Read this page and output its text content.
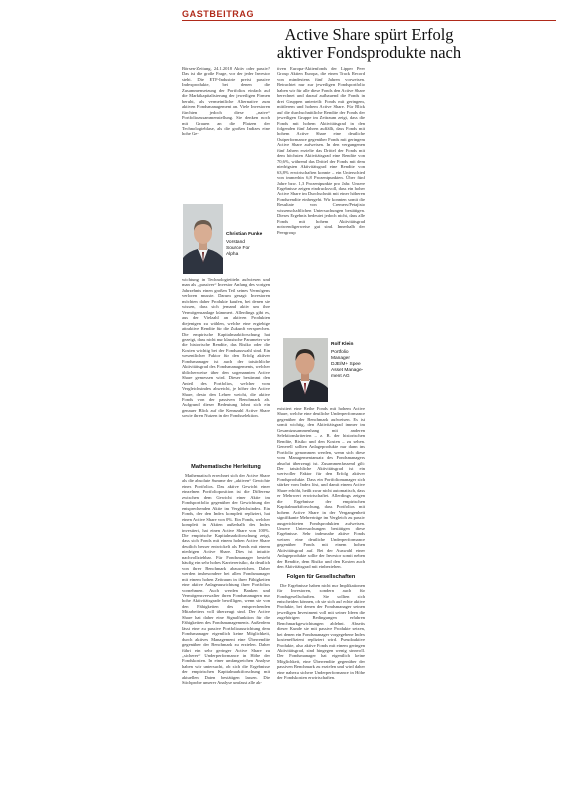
GASTBEITRAG
Active Share spürt Erfolg
aktiver Fondsprodukte nach

Börsen-Zeitung, 24.1.2018 Aktiv oder passiv? Das ist die große Frage, vor der jeder Investor steht. Die ETF-Industrie preist passive Indexprodukte, bei denen die Zusammensetzung der Portfolios einfach auf die Marktkapitalisierung der jeweiligen Firmen beruht, als vermeintliche Alternative zum aktiven Fondsmanagement an. Viele Investoren fürchten jedoch diese „naive“ Portfoliozusammenstellung. Sie denken noch mit Grauen an die Platzen der Technologieblase, als die großen Indizes eine hohe Ge-

wichtung in Technologietiteln aufwiesen und man als „passiver“ Investor Anfang des vorigen Jahrzehnts einen großen Teil seines Vermögens verloren musste. Darum gesagt: Investoren möchten daher Produkte kaufen, bei denen sie wissen, dass sich jemand aktiv um ihre Vermögensanlage kümmert. Allerdings gibt es, aus der Vielzahl an aktiven Produkten diejenigen zu wählen, welche eine ergiebige attraktive Rendite für die Zukunft versprechen. Die empirische Kapitalmarktforschung hat gezeigt, dass nicht nur klassische Parameter wie die historische Rendite, das Risiko oder die Kosten wichtig bei der Fondsauswahl sind. Ein wesentlicher Faktor für den Erfolg aktiver Fondsmanager ist auch der tatsächliche Aktivitätsgrad des Fondsmanagements, welcher üblicherweise über den sogenannten Active Share gemessen wird. Dieser bestimmt den Anteil des Portfolios, welcher vom Vergleichsindex abweicht, je höher der Active Share, desto den Lehrer weicht, die aktive Fonds von der passiven Benchmark ab. Aufgrund dieser Bedeutung lohnt sich ein genauer Blick auf die Kennzahl Active Share sowie ihren Nutzen in der Fondsselektion.

Mathematische Herleitung

Mathematisch errechnet sich der Active Share als die absolute Summe der „aktiven“ Gewichte eines Portfolios. Das aktive Gewicht einer einzelnen Portfolioposition ist die Differenz zwischen dem Gewicht einer Aktie im Fondsportfolio gegenüber der Gewichtung der entsprechenden Aktie im Vergleichsindex. Ein Fonds, der den Index komplett repliziert, hat einen Active Share von 0%. Ein Fonds, welcher komplett in Aktien außerhalb des Index investiert, hat einen Active Share von 100%. Die empirische Kapitalmarktforschung zeigt, dass sich Fonds mit einem hohen Active Share deutlich besser entwickelt als Fonds mit einem niedrigen Active Share. Dies ist intuitiv nachvollziehbar. Für Fondsmanager besteht häufig ein sehr hohes Karriererisiko, da deutlich von ihrer Benchmark abzuweichen. Daher werden insbesondere bei allen Fondsmanager mit einem hohen Zeitraum in ihrer Fähigkeiten eine aktive Anlageausrichtung ihrer Portfolios vornehmen. Auch werden Banken und Vermögensverwalter ihren Fondsmanagern nur hohe Aktivitätsgrade bewilligen, wenn sie von den Fähigkeiten des entsprechenden Mitarbeiters voll überzeugt sind. Der Active Share hat daher eine Signalfunktion für die Fähigkeiten des Fondsmanagements. Außerdem lässt eine zu passive Portfolioausrichtung dem Fondsmanager eigentlich keine Möglichkeit, durch aktives Management eine Überrendite gegenüber der Benchmark zu erzielen. Daher führt ein sehr geringer Active Share zu „sicherer“ Underperformance in Höhe der Fondskosten. In einer umfangreichen Analyse haben wir untersucht, ob sich die Ergebnisse der empirischen Kapitalmarktforschung mit aktuellen Daten bestätigen lassen. Die Stichprobe unserer Analyse umfasst alle ak-

Christian Funke
Vorstand
Source For
Alpha

tiven Europa-Aktienfonds der Lipper Peer Group Aktien Europa, die einen Track Record von mindestens fünf Jahren vorweisen. Betrachtet nur zur jeweiligen Fondsportfolio haben wir für alle diese Fonds den Active Share berechnet und darauf aufbauend die Fonds in drei Gruppen unterteilt: Fonds mit geringem, mittlerem und hohem Active Share. Für Blick auf die durchschnittliche Rendite der Fonds der jeweiligen Gruppe im Zeitraum zeigt, dass die Fonds mit hohem Aktivitätsgrad in den folgenden fünf Jahren auffällt, dass Fonds mit hohem Active Share eine deutliche Outperformance gegenüber Fonds mit geringem Active Share aufweisen. In den vergangenen fünf Jahren erzielte das Drittel der Fonds mit dem höchsten Aktivitätsgrad eine Rendite von 70,6%, während das Drittel der Fonds mit dem niedrigsten Aktivitätsgrad eine Rendite von 63,8% erwirtschaften konnte – ein Unterschied von immerhin 6,8 Prozentpunkten. Über fünf Jahre bzw. 1,3 Prozentpunkte pro Jahr. Unsere Ergebnisse zeigen eindrucksvoll, dass ein hoher Active Share im Durchschnitt mit einer höheren Fondsrendite einhergeht. Wir konnten somit die Resultate von Cremers/Petajisto wissenschaftlichen Untersuchungen bestätigen. Dieses Ergebnis bedeutet jedoch nicht, dass alle Fonds mit hohem Aktivitätsgrad notwendigerweise gut sind. Innerhalb der Peergroup

Rolf Klein
Portfolio
Manager
DJE/M+ Spee
Asset Manage-
ment AG

existiert eine Reihe Fonds mit hohem Active Share, welche eine deutliche Underperformance gegenüber der Benchmark aufweisen. Es ist somit wichtig, den Aktivitätsgrad immer im Gesamtzusammenhang mit anderen Selektionskriterien – z. B. der historischen Rendite, Risiko und den Kosten – zu sehen. Generell sollten Anlageprodukte nur dann ins Portfolio genommen werden, wenn sich diese vom Managementansatz des Fondsmanagers absolut überzeugt ist. Zusammenfassend gilt: Der tatsächliche Aktivitätsgrad ist ein wertvoller Faktor für den Erfolg aktiver Fondsprodukte. Dass ein Portfoliomanager sich stärker vom Index löst, und damit einem Active Share erhöht, heißt zwar nicht automatisch, dass er Mehrwert erwirtschaftet. Allerdings zeigen die Ergebnisse der empirischen Kapitalmarktforschung, dass Portfolios mit hohem Active Share in der Vergangenheit signifikante Mehrerträge im Vergleich zu passiv ausgerichteten Fondsprodukten aufweisen. Unsere Untersuchungen bestätigen diese Ergebnisse. Sehr indexnahe aktive Fonds weisen eine deutliche Underperformance gegenüber Fonds mit einem hohen Aktivitätsgrad auf. Bei der Auswahl einer Anlageprodukte sollte der Investor somit neben der Rendite, dem Risiko und den Kosten auch den Aktivitätsgrad mit einbeziehen.

Folgen für Gesellschaften

Die Ergebnisse haben nicht nur Implikationen für Investoren, sondern auch für Fondsgesellschaften. Sie sollten sich entscheiden können, ob sie sich auf echte aktive Produkte, bei denen der Fondsmanager seinen jeweiligen Investment voll mit seiner Ideen die zugehörigen Bedingungen erfahren Benchmarkgewichtungen ablehnt. Abseits dieser Kunde sie mit passive Produkte setzen, bei denen ein Fondsmanager vorgegebene Index kosteneffizient repliziert wird. Pseudoaktive Produkte, also aktive Fonds mit einem geringen Aktivitätsgrad, sind hingegen wenig sinnvoll. Der Fondsmanager hat eigentlich keine Möglichkeit, eine Überrendite gegenüber der passiven Benchmark zu erzielen und wird daher eine nahezu sichere Underperformance in Höhe der Fondskosten erwirtschaften.
